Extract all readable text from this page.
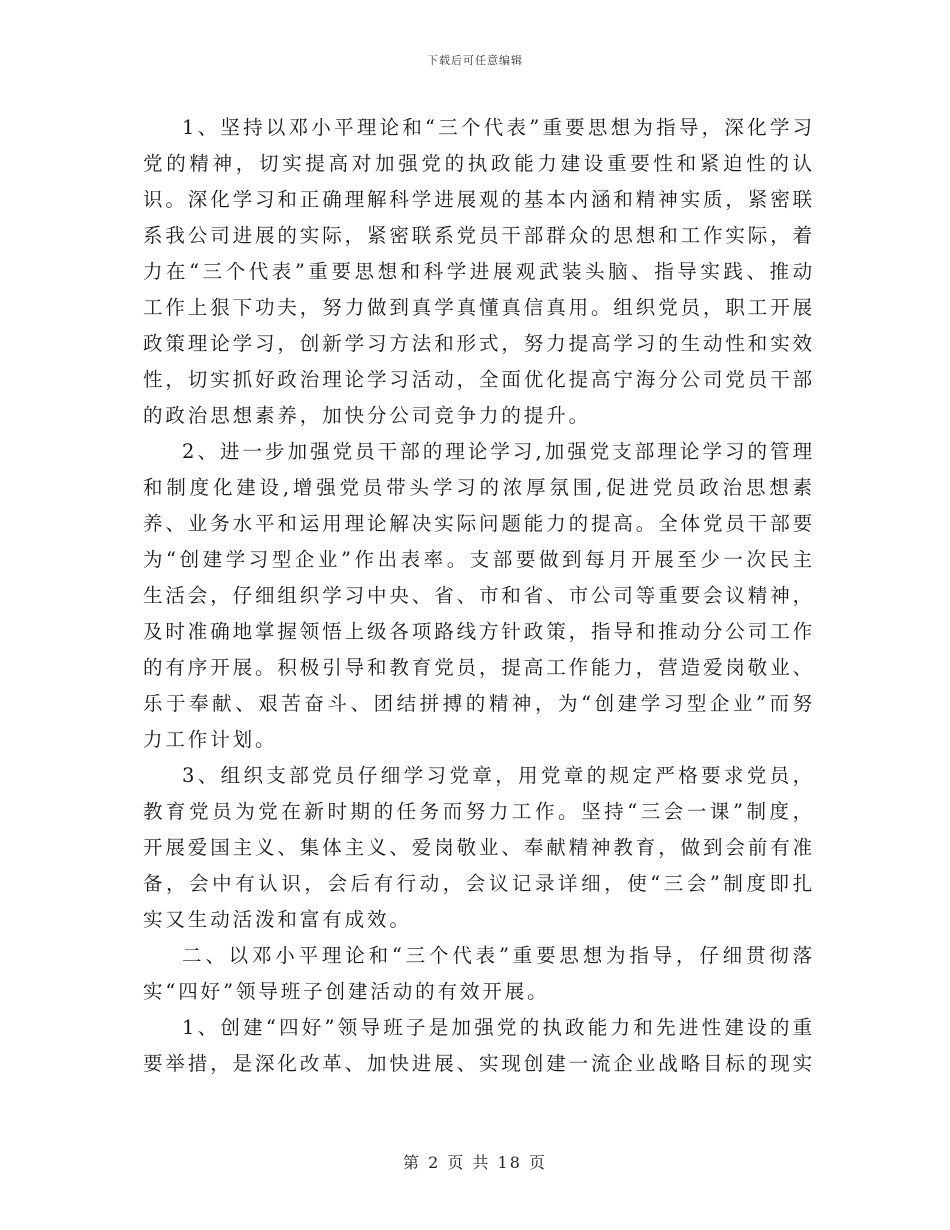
下载后可任意编辑

1、坚持以邓小平理论和“三个代表”重要思想为指导，深化学习党的精神，切实提高对加强党的执政能力建设重要性和紧迫性的认识。深化学习和正确理解科学进展观的基本内涵和精神实质，紧密联系我公司进展的实际，紧密联系党员干部群众的思想和工作实际，着力在“三个代表”重要思想和科学进展观武装头脑、指导实践、推动工作上狠下功夫，努力做到真学真懂真信真用。组织党员，职工开展政策理论学习，创新学习方法和形式，努力提高学习的生动性和实效性，切实抓好政治理论学习活动，全面优化提高宁海分公司党员干部的政治思想素养，加快分公司竞争力的提升。

2、进一步加强党员干部的理论学习,加强党支部理论学习的管理和制度化建设,增强党员带头学习的浓厚氛围,促进党员政治思想素养、业务水平和运用理论解决实际问题能力的提高。全体党员干部要为“创建学习型企业”作出表率。支部要做到每月开展至少一次民主生活会，仔细组织学习中央、省、市和省、市公司等重要会议精神，及时准确地掌握领悟上级各项路线方针政策，指导和推动分公司工作的有序开展。积极引导和教育党员，提高工作能力，营造爱岗敬业、乐于奉献、艰苦奋斗、团结拼搏的精神，为“创建学习型企业”而努力工作计划。

3、组织支部党员仔细学习党章，用党章的规定严格要求党员，教育党员为党在新时期的任务而努力工作。坚持“三会一课”制度，开展爱国主义、集体主义、爱岗敬业、奉献精神教育，做到会前有准备，会中有认识，会后有行动，会议记录详细，使“三会”制度即扎实又生动活泼和富有成效。

二、以邓小平理论和“三个代表”重要思想为指导，仔细贯彻落实“四好”领导班子创建活动的有效开展。

1、创建“四好”领导班子是加强党的执政能力和先进性建设的重要举措，是深化改革、加快进展、实现创建一流企业战略目标的现实

第 2 页 共 18 页
